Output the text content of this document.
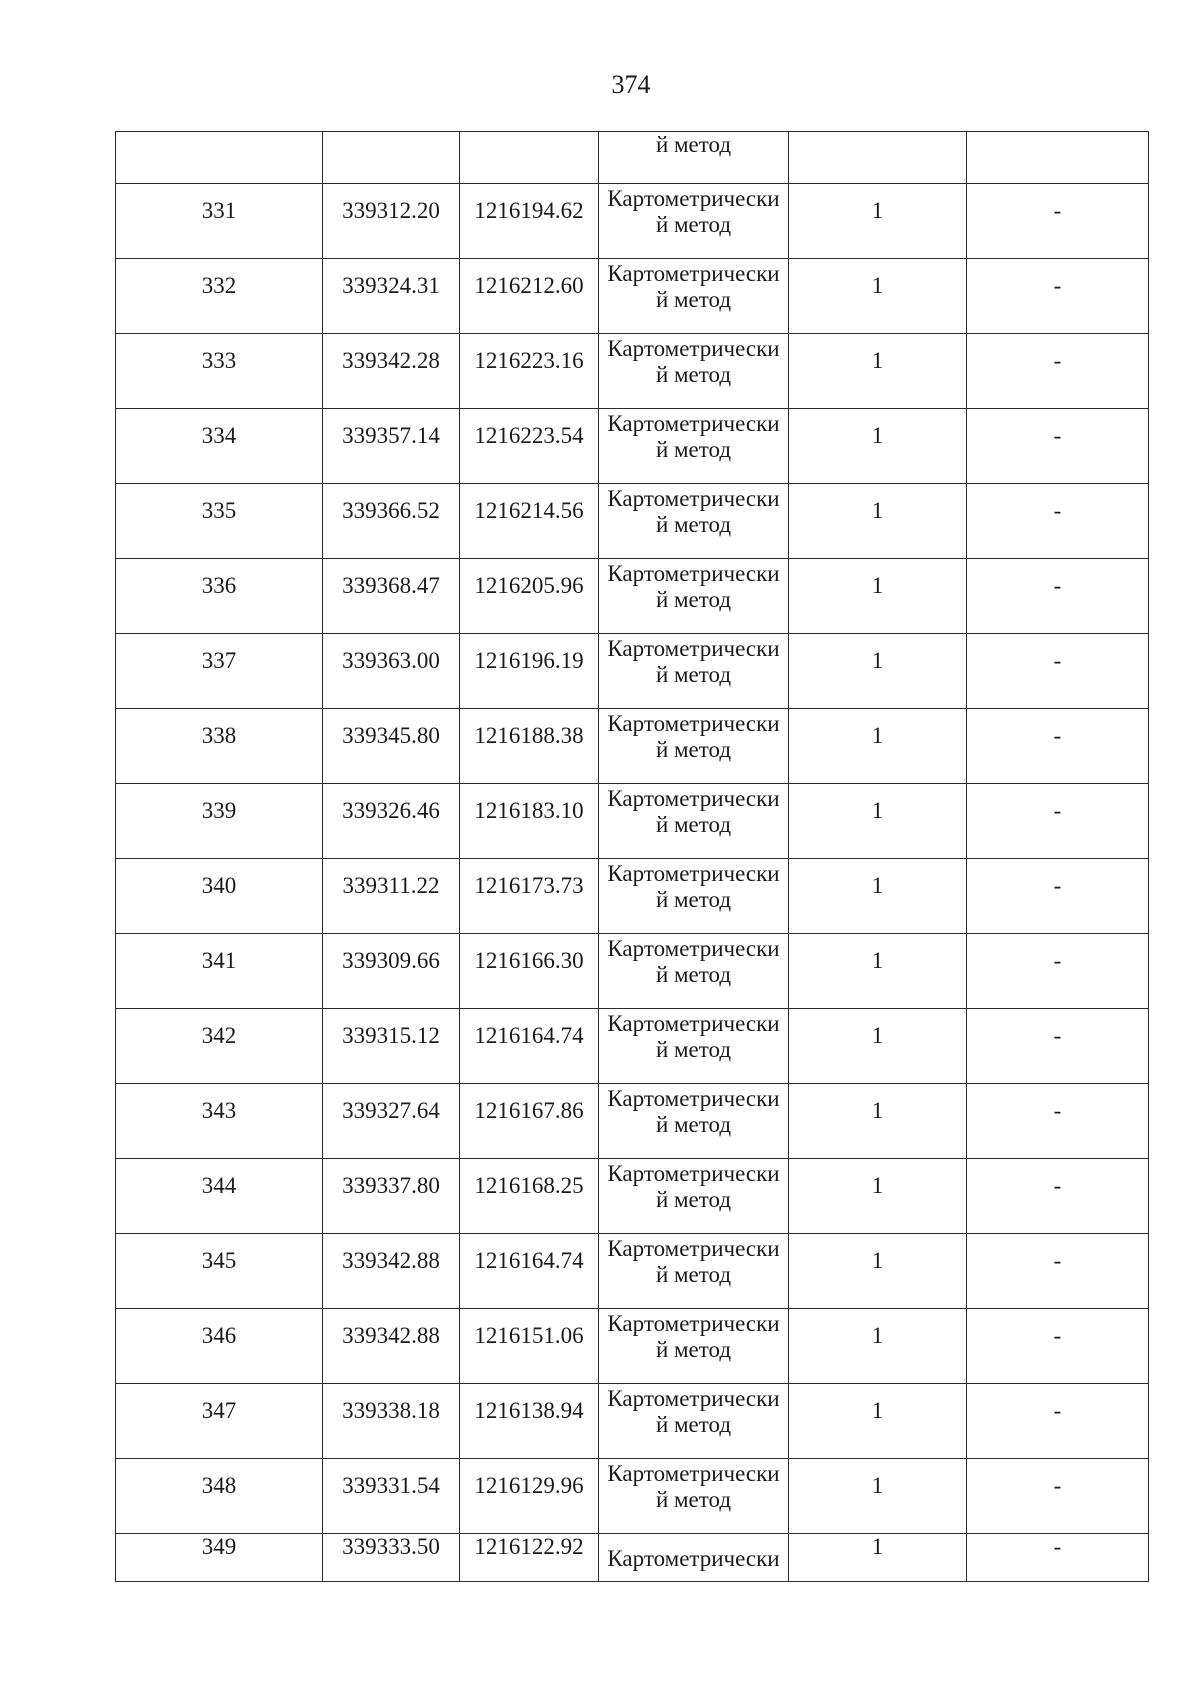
374

			й метод		

331	339312.20	1216194.62	Картометрически й метод	1	-

332	339324.31	1216212.60	Картометрически й метод	1	-

333	339342.28	1216223.16	Картометрически й метод	1	-

334	339357.14	1216223.54	Картометрически й метод	1	-

335	339366.52	1216214.56	Картометрически й метод	1	-

336	339368.47	1216205.96	Картометрически й метод	1	-

337	339363.00	1216196.19	Картометрически й метод	1	-

338	339345.80	1216188.38	Картометрически й метод	1	-

339	339326.46	1216183.10	Картометрически й метод	1	-

340	339311.22	1216173.73	Картометрически й метод	1	-

341	339309.66	1216166.30	Картометрически й метод	1	-

342	339315.12	1216164.74	Картометрически й метод	1	-

343	339327.64	1216167.86	Картометрически й метод	1	-

344	339337.80	1216168.25	Картометрически й метод	1	-

345	339342.88	1216164.74	Картометрически й метод	1	-

346	339342.88	1216151.06	Картометрически й метод	1	-

347	339338.18	1216138.94	Картометрически й метод	1	-

348	339331.54	1216129.96	Картометрически й метод	1	-

349	339333.50	1216122.92	Картометрически	1	-
